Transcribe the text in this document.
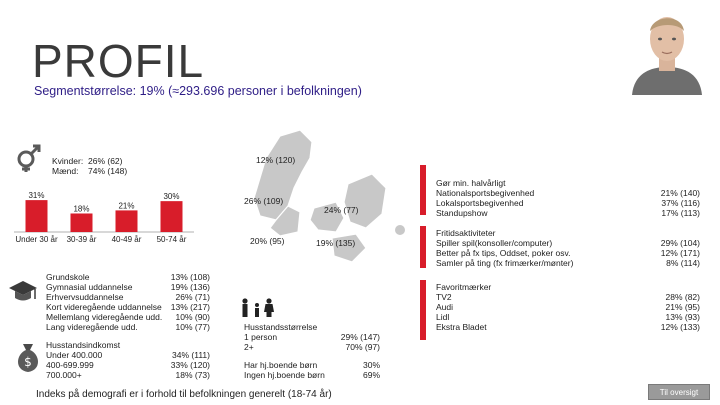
PROFIL
Segmentstørrelse: 19% (≈293.696 personer i befolkningen)
Kvinder: 26% (62)
Mænd: 74% (148)
31%
Under 30 år
18%
30-39 år
21%
40-49 år
30%
50-74 år
12% (120)
26% (109)
24% (77)
20% (95)	19% (135)
Grundskole
Gymnasial uddannelse
Erhvervsuddannelse
Kort videregående uddannelse
Mellemlang videregående udd.
Lang videregående udd.
13% (108)
19% (136)
26% (71)
13% (217)
10% (90)
10% (77)
$
Husstandsindkomst
Under 400.000
400-699.999
700.000+

34% (111)
33% (120)
18% (73)
Husstandsstørrelse
1 person
2+

29% (147)
70% (97)
Har hj.boende børn
Ingen hj.boende børn
30%
69%
Gør min. halvårligt
Nationalsportsbegivenhed
Lokalsportsbegivenhed
Standupshow
21% (140)
37% (116)
17% (113)
Fritidsaktiviteter
Spiller spil(konsoller/computer)
Better på fx tips, Oddset, poker osv.
Samler på ting (fx frimærker/mønter)
29% (104)
12% (171)
8% (114)
Favoritmærker
TV2
Audi
Lidl
Ekstra Bladet
28% (82)
21% (95)
13% (93)
12% (133)
Indeks på demografi er i forhold til befolkningen generelt (18-74 år)	Til oversigt
